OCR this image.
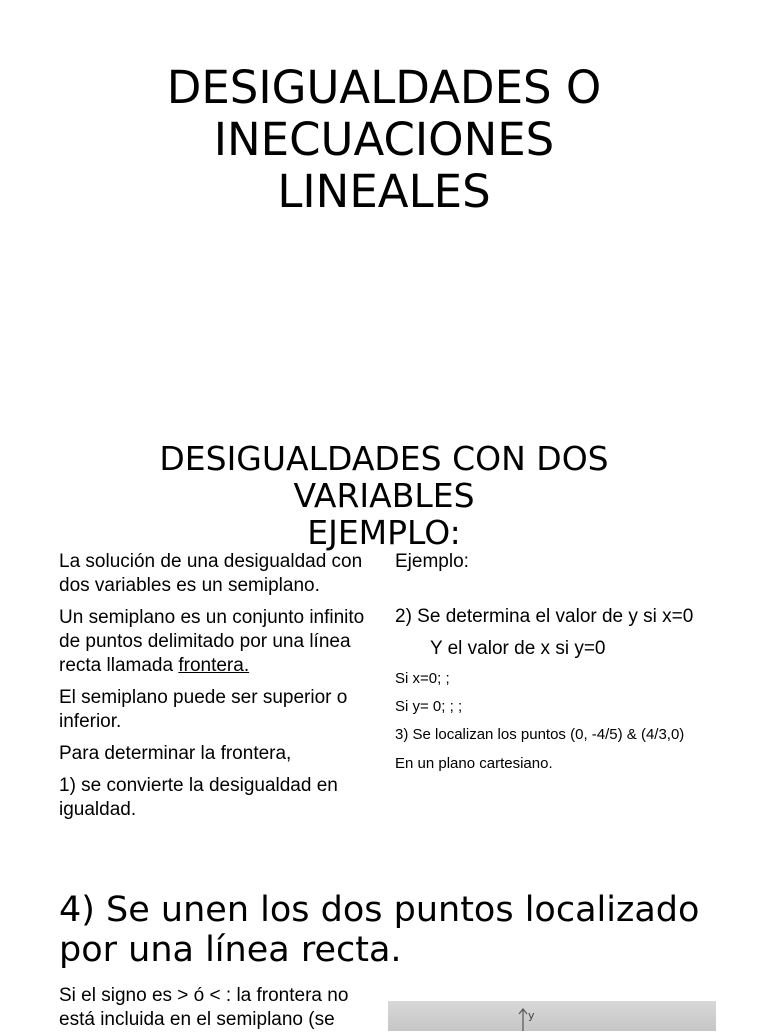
DESIGUALDADES O
INECUACIONES
LINEALES
DESIGUALDADES CON DOS
VARIABLES
EJEMPLO:

La solución de una desigualdad con dos variables es un semiplano.

Un semiplano es un conjunto infinito de puntos delimitado por una línea recta llamada frontera.

El semiplano puede ser superior o inferior.

Para determinar la frontera,

1) se convierte la desigualdad en igualdad.

Ejemplo:

2) Se determina el valor de y si x=0

Y el valor de x si y=0

Si x=0; ;

Si y= 0; ; ;

3) Se localizan los puntos (0, -4/5) & (4/3,0)

En un plano cartesiano.

4) Se unen los dos puntos localizado por una línea recta.
Si el signo es > ó < : la frontera no está incluida en el semiplano (se	y
